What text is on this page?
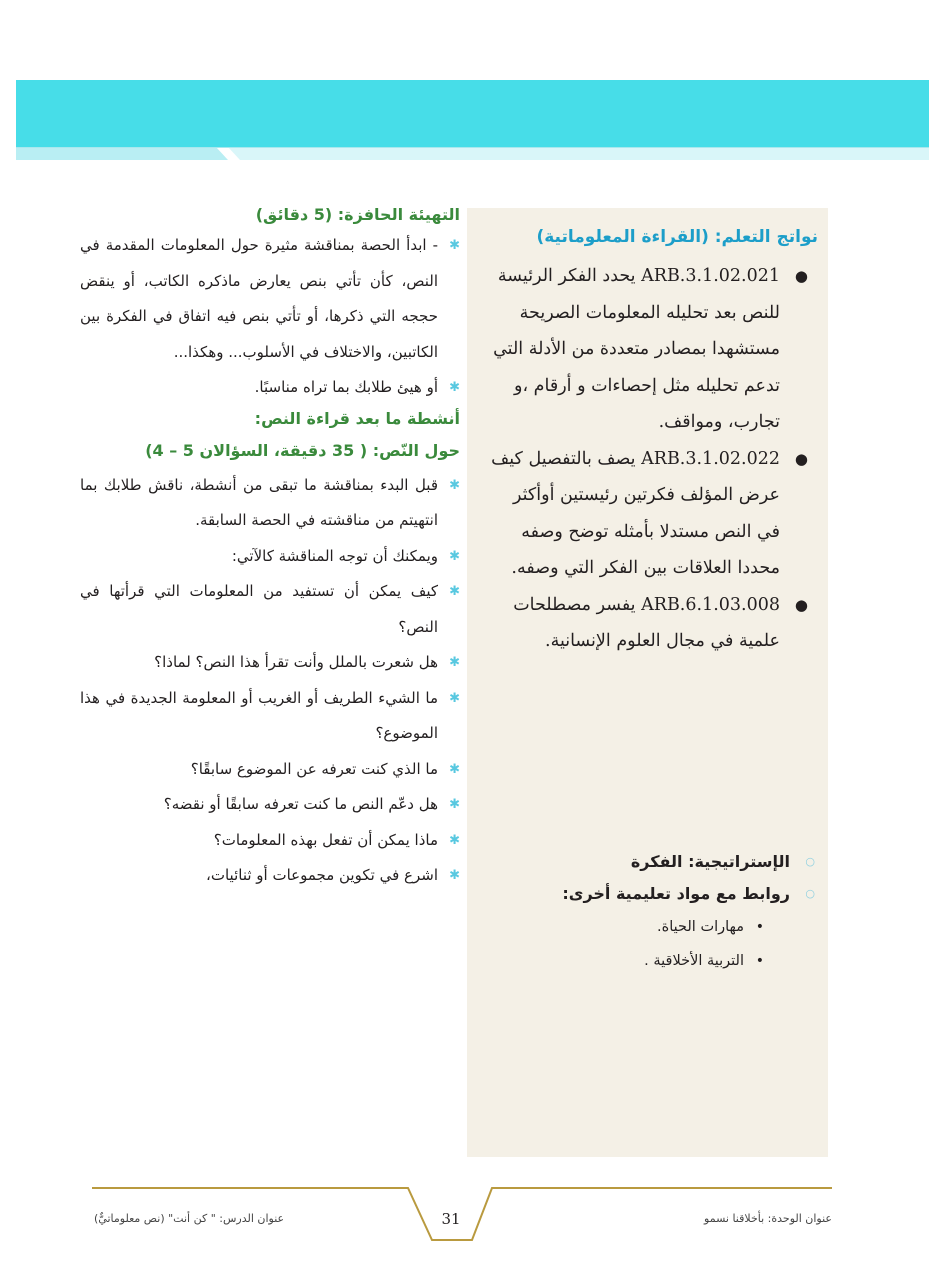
نواتج التعلم: (القراءة المعلوماتية)
●
ARB.3.1.02.021 يحدد الفكر الرئيسة للنص بعد تحليله المعلومات الصريحة مستشهدا بمصادر متعددة من الأدلة التي تدعم تحليله مثل إحصاءات و أرقام ،و تجارب، ومواقف.
●
ARB.3.1.02.022 يصف بالتفصيل كيف عرض المؤلف فكرتين رئيستين أوأكثر في النص مستدلا بأمثله توضح وصفه محددا العلاقات بين الفكر التي وصفه.
●
ARB.6.1.03.008 يفسر مصطلحات علمية في مجال العلوم الإنسانية.
○
الإستراتيجية: الفكرة
○
روابط مع مواد تعليمية أخرى:
•
مهارات الحياة.
•
التربية الأخلاقية .
التهيئة الحافزة: (5 دقائق)
✱
- ابدأ الحصة بمناقشة مثيرة حول المعلومات المقدمة في النص، كأن تأتي بنص يعارض ماذكره الكاتب، أو ينقض حججه التي ذكرها، أو تأتي بنص فيه اتفاق في الفكرة بين الكاتبين، والاختلاف في الأسلوب... وهكذا...
✱
أو هيئ طلابك بما تراه مناسبًا.
أنشطة ما بعد قراءة النص:
حول النّص: ( 35 دقيقة، السؤالان 5 – 4)
✱
قبل البدء بمناقشة ما تبقى من أنشطة، ناقش طلابك بما انتهيتم من مناقشته في الحصة السابقة.
✱
ويمكنك أن توجه المناقشة كالآتي:
✱
كيف يمكن أن تستفيد من المعلومات التي قرأتها في النص؟
✱
هل شعرت بالملل وأنت تقرأ هذا النص؟ لماذا؟
✱
ما الشيء الطريف أو الغريب أو المعلومة الجديدة في هذا الموضوع؟
✱
ما الذي كنت تعرفه عن الموضوع سابقًا؟
✱
هل دعّم النص ما كنت تعرفه سابقًا أو نقضه؟
✱
ماذا يمكن أن تفعل بهذه المعلومات؟
✱
اشرع في تكوين مجموعات أو ثنائيات،
عنوان الوحدة: بأخلاقنا نسمو
31
عنوان الدرس: " كن أنت" (نص معلوماتيٌّ)
